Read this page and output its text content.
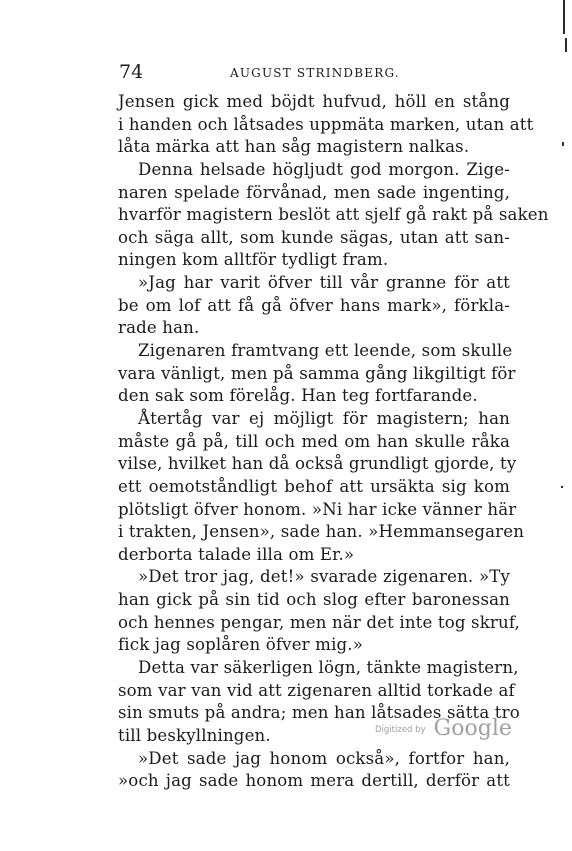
74	AUGUST STRINDBERG.
Jensen gick med böjdt hufvud, höll en stång
i handen och låtsades uppmäta marken, utan att
låta märka att han såg magistern nalkas.
Denna helsade högljudt god morgon. Zige-
naren spelade förvånad, men sade ingenting,
hvarför magistern beslöt att sjelf gå rakt på saken
och säga allt, som kunde sägas, utan att san-
ningen kom alltför tydligt fram.
»Jag har varit öfver till vår granne för att
be om lof att få gå öfver hans mark», förkla-
rade han.
Zigenaren framtvang ett leende, som skulle
vara vänligt, men på samma gång likgiltigt för
den sak som förelåg. Han teg fortfarande.
Återtåg var ej möjligt för magistern; han
måste gå på, till och med om han skulle råka
vilse, hvilket han då också grundligt gjorde, ty
ett oemotståndligt behof att ursäkta sig kom
plötsligt öfver honom. »Ni har icke vänner här
i trakten, Jensen», sade han. »Hemmansegaren
derborta talade illa om Er.»
»Det tror jag, det!» svarade zigenaren. »Ty
han gick på sin tid och slog efter baronessan
och hennes pengar, men när det inte tog skruf,
fick jag soplåren öfver mig.»
Detta var säkerligen lögn, tänkte magistern,
som var van vid att zigenaren alltid torkade af
sin smuts på andra; men han låtsades sätta tro
till beskyllningen.
»Det sade jag honom också», fortfor han,
»och jag sade honom mera dertill, derför att
Digitized by Google
